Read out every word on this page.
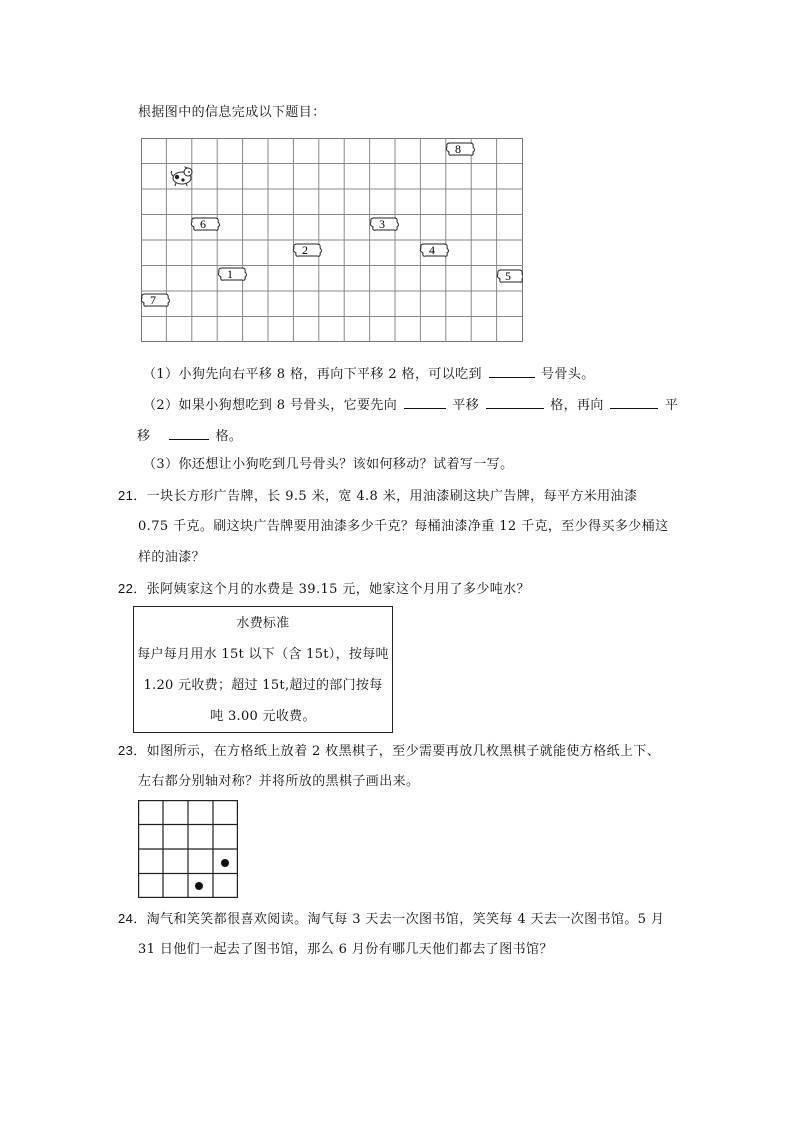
根据图中的信息完成以下题目：
8
6	3
2	4
1	5
7
（1）小狗先向右平移 8 格，再向下平移 2 格，可以吃到	号骨头。
（2）如果小狗想吃到 8 号骨头，它要先向	平移	格，再向	平
移	格。
（3）你还想让小狗吃到几号骨头？该如何移动？试着写一写。
21．一块长方形广告牌，长 9.5 米，宽 4.8 米，用油漆刷这块广告牌，每平方米用油漆
0.75 千克。刷这块广告牌要用油漆多少千克？每桶油漆净重 12 千克，至少得买多少桶这
样的油漆？
22．张阿姨家这个月的水费是 39.15 元，她家这个月用了多少吨水？
水费标准
每户每月用水 15t 以下（含 15t），按每吨
1.20 元收费；超过 15t,超过的部门按每
吨 3.00 元收费。
23．如图所示，在方格纸上放着 2 枚黑棋子，至少需要再放几枚黑棋子就能使方格纸上下、
左右都分别轴对称？并将所放的黑棋子画出来。
24．淘气和笑笑都很喜欢阅读。淘气每 3 天去一次图书馆，笑笑每 4 天去一次图书馆。5 月
31 日他们一起去了图书馆，那么 6 月份有哪几天他们都去了图书馆？
